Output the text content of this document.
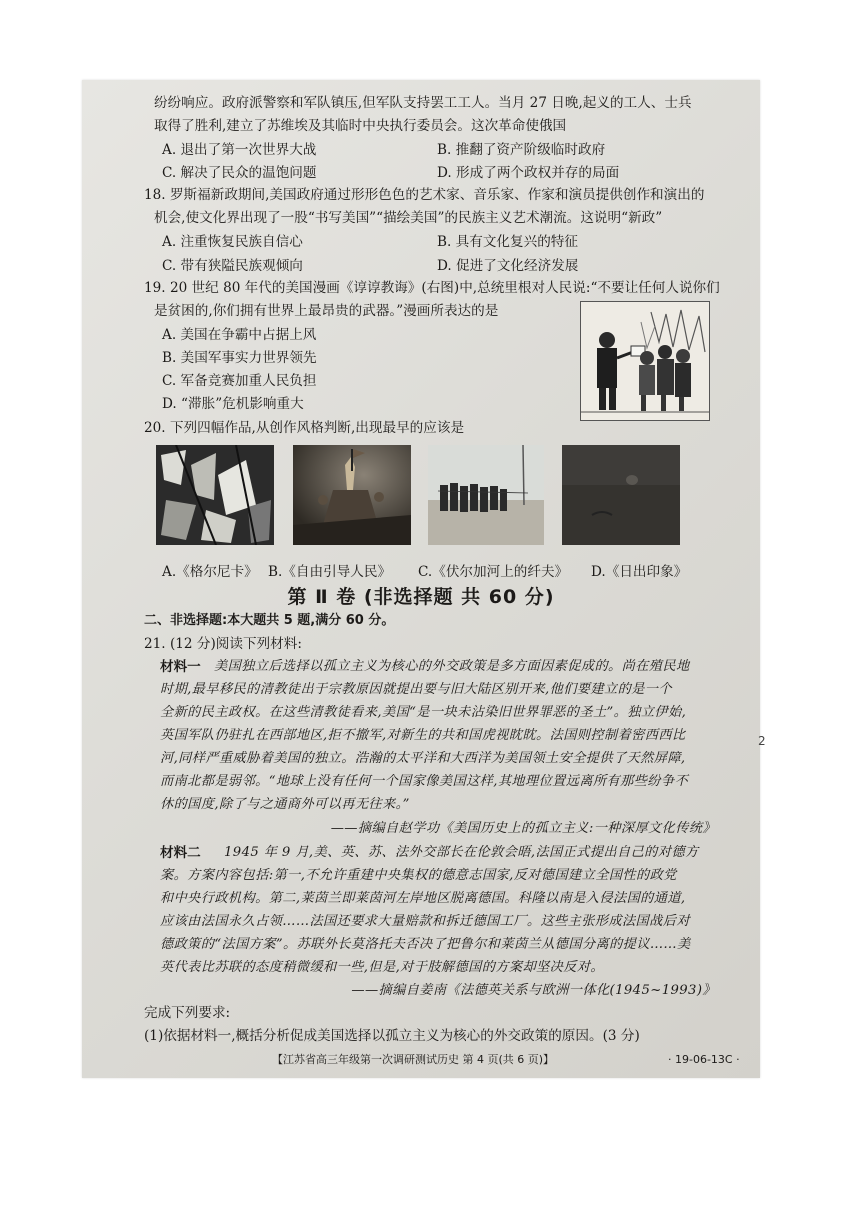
纷纷响应。政府派警察和军队镇压,但军队支持罢工工人。当月 27 日晚,起义的工人、士兵
取得了胜利,建立了苏维埃及其临时中央执行委员会。这次革命使俄国
A. 退出了第一次世界大战	B. 推翻了资产阶级临时政府
C. 解决了民众的温饱问题	D. 形成了两个政权并存的局面
18. 罗斯福新政期间,美国政府通过形形色色的艺术家、音乐家、作家和演员提供创作和演出的
机会,使文化界出现了一股“书写美国”“描绘美国”的民族主义艺术潮流。这说明“新政”
A. 注重恢复民族自信心	B. 具有文化复兴的特征
C. 带有狭隘民族观倾向	D. 促进了文化经济发展
19. 20 世纪 80 年代的美国漫画《谆谆教诲》(右图)中,总统里根对人民说:“不要让任何人说你们
是贫困的,你们拥有世界上最昂贵的武器。”漫画所表达的是
A. 美国在争霸中占据上风
B. 美国军事实力世界领先
C. 军备竞赛加重人民负担
D. “滞胀”危机影响重大
20. 下列四幅作品,从创作风格判断,出现最早的应该是
A.《格尔尼卡》 B.《自由引导人民》 C.《伏尔加河上的纤夫》 D.《日出印象》
第 Ⅱ 卷 (非选择题 共 60 分)
二、非选择题:本大题共 5 题,满分 60 分。
21. (12 分)阅读下列材料:
材料一 美国独立后选择以孤立主义为核心的外交政策是多方面因素促成的。尚在殖民地
时期,最早移民的清教徒出于宗教原因就提出要与旧大陆区别开来,他们要建立的是一个
全新的民主政权。在这些清教徒看来,美国“是一块未沾染旧世界罪恶的圣土”。独立伊始,
英国军队仍驻扎在西部地区,拒不撤军,对新生的共和国虎视眈眈。法国则控制着密西西比
河,同样严重威胁着美国的独立。浩瀚的太平洋和大西洋为美国领土安全提供了天然屏障,
而南北都是弱邻。“地球上没有任何一个国家像美国这样,其地理位置远离所有那些纷争不
休的国度,除了与之通商外可以再无往来。”
——摘编自赵学功《美国历史上的孤立主义:一种深厚文化传统》
材料二 1945 年 9 月,美、英、苏、法外交部长在伦敦会晤,法国正式提出自己的对德方
案。方案内容包括:第一,不允许重建中央集权的德意志国家,反对德国建立全国性的政党
和中央行政机构。第二,莱茵兰即莱茵河左岸地区脱离德国。科隆以南是入侵法国的通道,
应该由法国永久占领……法国还要求大量赔款和拆迁德国工厂。这些主张形成法国战后对
德政策的“法国方案”。苏联外长莫洛托夫否决了把鲁尔和莱茵兰从德国分离的提议……美
英代表比苏联的态度稍微缓和一些,但是,对于肢解德国的方案却坚决反对。
——摘编自姜南《法德英关系与欧洲一体化(1945~1993)》
完成下列要求:
(1)依据材料一,概括分析促成美国选择以孤立主义为核心的外交政策的原因。(3 分)
【江苏省高三年级第一次调研测试历史 第 4 页(共 6 页)】	· 19-06-13C ·
2
